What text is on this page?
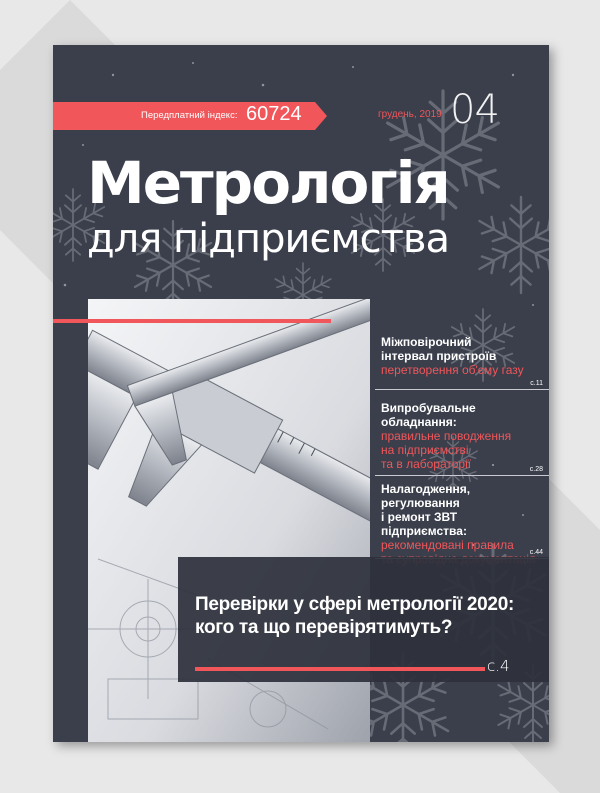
Передплатний індекс: 60724	грудень, 2019 04
Метрологія
для підприємства
Міжповірочний
інтервал пристроїв
перетворення об'єму газу
с.11
Випробувальне
обладнання:
правильне поводження
на підприємстві
та в лабораторії	с.28
Налагодження,
регулювання
і ремонт ЗВТ підприємства:
рекомендовані правила
с.44
Перевірки у сфері метрології 2020:
кого та що перевірятимуть?
с.4
